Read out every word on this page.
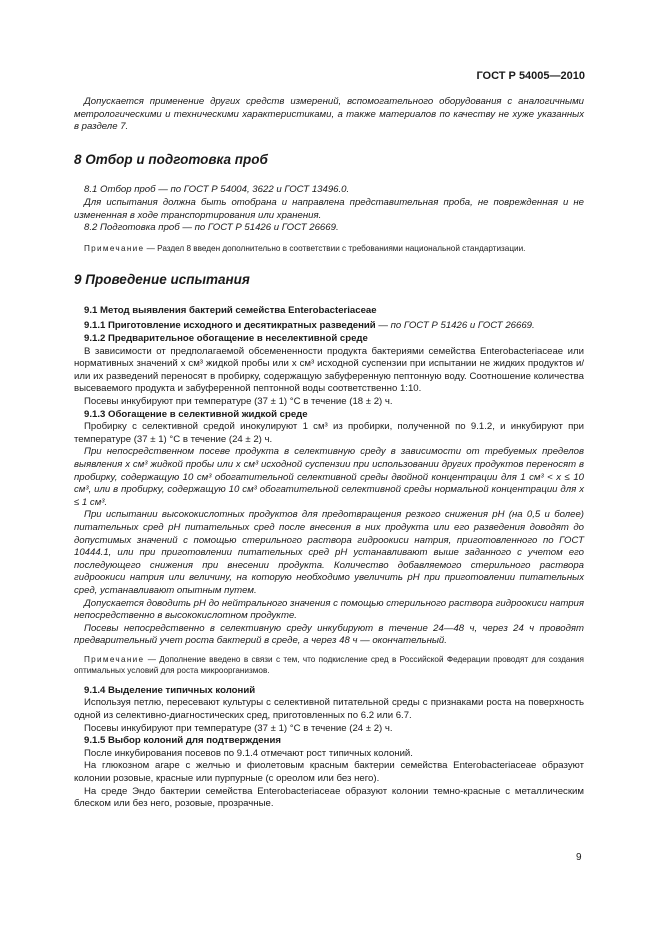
ГОСТ Р 54005—2010

Допускается применение других средств измерений, вспомогательного оборудования с аналогичными метрологическими и техническими характеристиками, а также материалов по качеству не хуже указанных в разделе 7.

8 Отбор и подготовка проб

8.1 Отбор проб — по ГОСТ Р 54004, 3622 и ГОСТ 13496.0.

Для испытания должна быть отобрана и направлена представительная проба, не поврежденная и не измененная в ходе транспортирования или хранения.

8.2 Подготовка проб — по ГОСТ Р 51426 и ГОСТ 26669.

Примечание — Раздел 8 введен дополнительно в соответствии с требованиями национальной стандартизации.

9 Проведение испытания

9.1 Метод выявления бактерий семейства Enterobacteriaceae

9.1.1 Приготовление исходного и десятикратных разведений — по ГОСТ Р 51426 и ГОСТ 26669.

9.1.2 Предварительное обогащение в неселективной среде

В зависимости от предполагаемой обсемененности продукта бактериями семейства Enterobacteriaceae или нормативных значений x см³ жидкой пробы или x см³ исходной суспензии при испытании не жидких продуктов и/или их разведений переносят в пробирку, содержащую забуференную пептонную воду. Соотношение количества высеваемого продукта и забуференной пептонной воды соответственно 1:10.

Посевы инкубируют при температуре (37 ± 1) °C в течение (18 ± 2) ч.

9.1.3 Обогащение в селективной жидкой среде

Пробирку с селективной средой инокулируют 1 см³ из пробирки, полученной по 9.1.2, и инкубируют при температуре (37 ± 1) °C в течение (24 ± 2) ч.

При непосредственном посеве продукта в селективную среду в зависимости от требуемых пределов выявления x см³ жидкой пробы или x см³ исходной суспензии при использовании других продуктов переносят в пробирку, содержащую 10 см³ обогатительной селективной среды двойной концентрации для 1 см³ < x ≤ 10 см³, или в пробирку, содержащую 10 см³ обогатительной селективной среды нормальной концентрации для x ≤ 1 см³.

При испытании высококислотных продуктов для предотвращения резкого снижения pH (на 0,5 и более) питательных сред pH питательных сред после внесения в них продукта или его разведения доводят до допустимых значений с помощью стерильного раствора гидроокиси натрия, приготовленного по ГОСТ 10444.1, или при приготовлении питательных сред pH устанавливают выше заданного с учетом его последующего снижения при внесении продукта. Количество добавляемого стерильного раствора гидроокиси натрия или величину, на которую необходимо увеличить pH при приготовлении питательных сред, устанавливают опытным путем.

Допускается доводить pH до нейтрального значения с помощью стерильного раствора гидроокиси натрия непосредственно в высококислотном продукте.

Посевы непосредственно в селективную среду инкубируют в течение 24—48 ч, через 24 ч проводят предварительный учет роста бактерий в среде, а через 48 ч — окончательный.

Примечание — Дополнение введено в связи с тем, что подкисление сред в Российской Федерации проводят для создания оптимальных условий для роста микроорганизмов.

9.1.4 Выделение типичных колоний

Используя петлю, пересевают культуры с селективной питательной среды с признаками роста на поверхность одной из селективно-диагностических сред, приготовленных по 6.2 или 6.7.

Посевы инкубируют при температуре (37 ± 1) °C в течение (24 ± 2) ч.

9.1.5 Выбор колоний для подтверждения

После инкубирования посевов по 9.1.4 отмечают рост типичных колоний.

На глюкозном агаре с желчью и фиолетовым красным бактерии семейства Enterobacteriaceae образуют колонии розовые, красные или пурпурные (с ореолом или без него).

На среде Эндо бактерии семейства Enterobacteriaceae образуют колонии темно-красные с металлическим блеском или без него, розовые, прозрачные.

9
